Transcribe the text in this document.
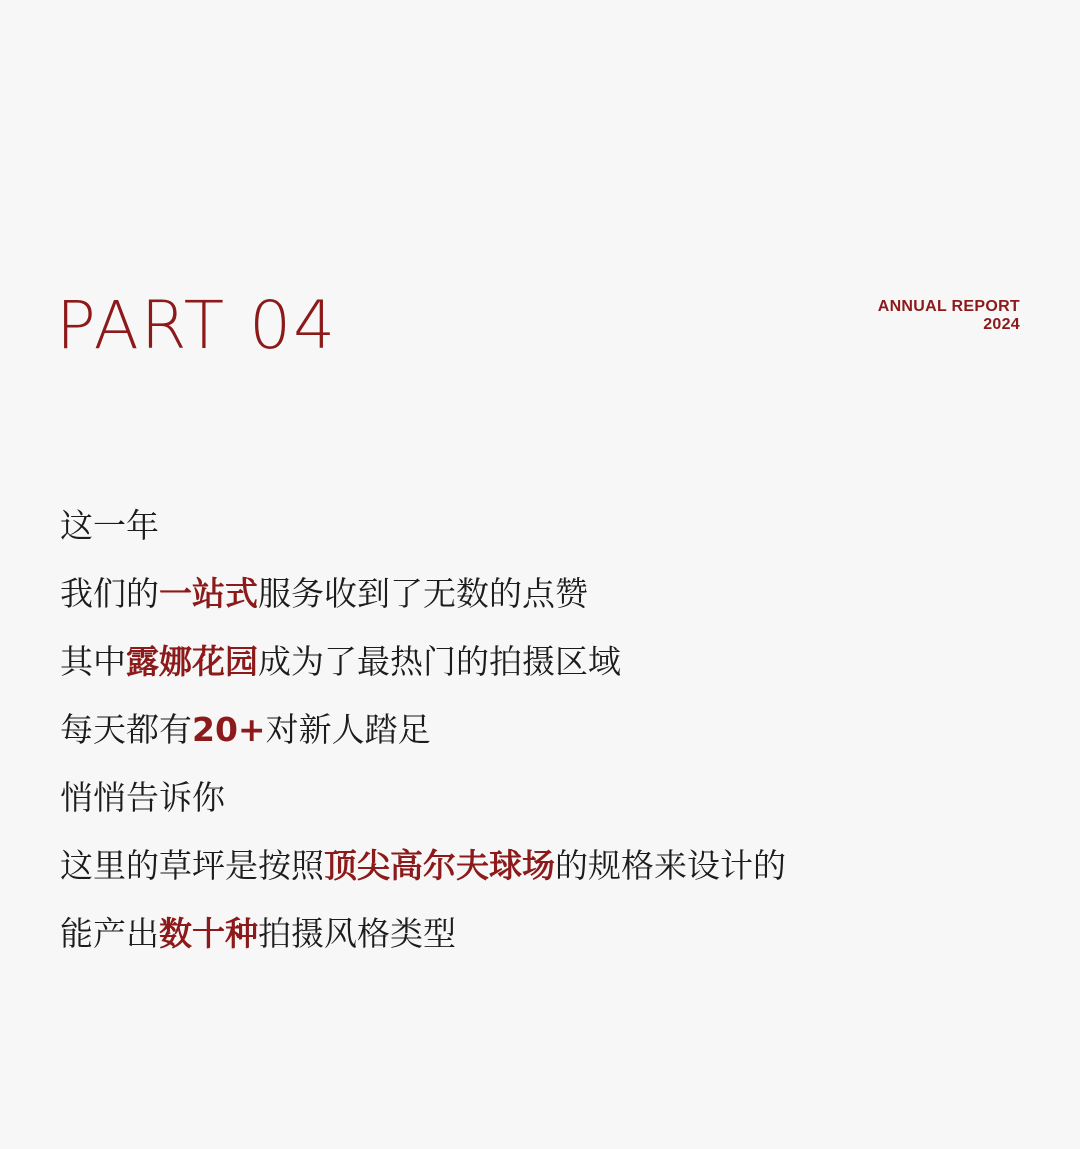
PART 04	ANNUAL REPORT
2024
这一年
我们的一站式服务收到了无数的点赞
其中露娜花园成为了最热门的拍摄区域
每天都有20+对新人踏足
悄悄告诉你
这里的草坪是按照顶尖高尔夫球场的规格来设计的
能产出数十种拍摄风格类型
